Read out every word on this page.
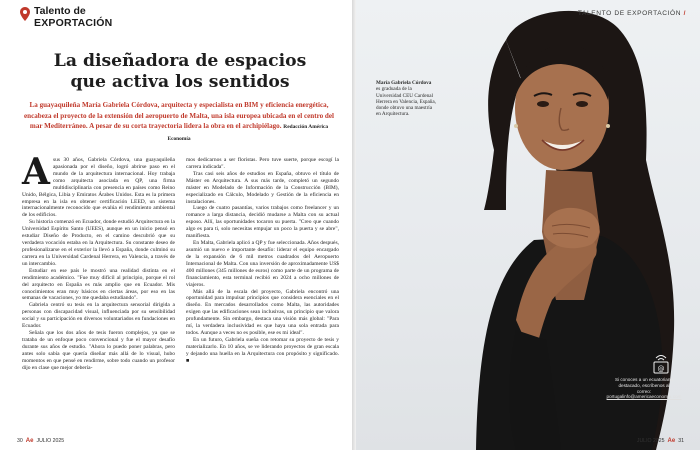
Talento de
EXPORTACIÓN
La diseñadora de espacios
que activa los sentidos

La guayaquileña María Gabriela Córdova, arquitecta y especialista en BIM y eficiencia energética, encabeza el proyecto de la extensión del aeropuerto de Malta, una isla europea ubicada en el centro del mar Mediterráneo. A pesar de su corta trayectoria lidera la obra en el archipiélago. Redacción América Economía

Asus 30 años, Gabriela Córdova, una guayaquileña apasionada por el diseño, logró abrirse paso en el mundo de la arquitectura internacional. Hoy trabaja como arquitecta asociada en QP, una firma multidisciplinaria con presencia en países como Reino Unido, Bélgica, Libia y Emiratos Árabes Unidos. Esta es la primera empresa en la isla en obtener certificación LEED, un sistema internacionalmente reconocido que evalúa el rendimiento ambiental de los edificios.

Su historia comenzó en Ecuador, donde estudió Arquitectura en la Universidad Espíritu Santo (UEES), aunque en un inicio pensó en estudiar Diseño de Producto, en el camino descubrió que su verdadera vocación estaba en la Arquitectura. Su constante deseo de profesionalizarse en el exterior la llevó a España, donde culminó su carrera en la Universidad Cardenal Herrera, en Valencia, a través de un intercambio.

Estudiar en ese país le mostró una realidad distinta en el rendimiento académico. "Fue muy difícil al principio, porque el rol del arquitecto en España es más amplio que en Ecuador. Mis conocimientos eran muy básicos en ciertas áreas, por eso en las semanas de vacaciones, yo me quedaba estudiando".

Gabriela centró su tesis en la arquitectura sensorial dirigida a personas con discapacidad visual, influenciada por su sensibilidad social y su participación en diversos voluntariados en fundaciones en Ecuador.

Señala que los dos años de tesis fueron complejos, ya que se trataba de un enfoque poco convencional y fue el mayor desafío durante sus años de estudio. "Ahora lo puedo poner palabras, pero antes solo sabía que quería diseñar más allá de lo visual, hubo momentos en que pensé en rendirme, sobre todo cuando un profesor dijo en clase que mejor debería-

mos dedicarnos a ser floristas. Pero tuve suerte, porque escogí la carrera indicada".

Tras casi seis años de estudios en España, obtuvo el título de Máster en Arquitectura. A sus más tarde, completó un segundo máster en Modelado de Información de la Construcción (BIM), especializado en Cálculo, Modelado y Gestión de la eficiencia en instalaciones.

Luego de cuatro pasantías, varios trabajos como freelancer y un romance a larga distancia, decidió mudarse a Malta con su actual esposo. Allí, las oportunidades tocaron su puerta. "Creo que cuando algo es para ti, solo necesitas empujar un poco la puerta y se abre", manifiesta.

En Malta, Gabriela aplicó a QP y fue seleccionada. Años después, asumió un nuevo e importante desafío: liderar el equipo encargado de la expansión de 6 mil metros cuadrados del Aeropuerto Internacional de Malta. Con una inversión de aproximadamente US$ 400 millones (345 millones de euros) como parte de un programa de financiamiento, esta terminal recibió en 2024 a ocho millones de viajeros.

Más allá de la escala del proyecto, Gabriela encontró una oportunidad para impulsar principios que considera esenciales en el diseño. En mercados desarrollados como Malta, las autoridades exigen que las edificaciones sean inclusivas, un principio que valora profundamente. Sin embargo, destaca una visión más global: "Para mí, la verdadera inclusividad es que haya una sola entrada para todos. Aunque a veces no es posible, ese es mi ideal".

En un futuro, Gabriela sueña con retomar su proyecto de tesis y materializarlo. En 10 años, se ve liderando proyectos de gran escala y dejando una huella en la Arquitectura con propósito y significado. ■

30 Ae JULIO 2025
TALENTO DE EXPORTACIÓN /
María Gabriela Córdova es graduada de la Universidad CEU Cardenal Herrera en Valencia, España, donde obtuvo una maestría en Arquitectura.
@
Si conoces a un ecuatoriano
destacado, escríbenos al
correo:
portugalinfo@americaeconomia.com
JULIO 2025 Ae 31
